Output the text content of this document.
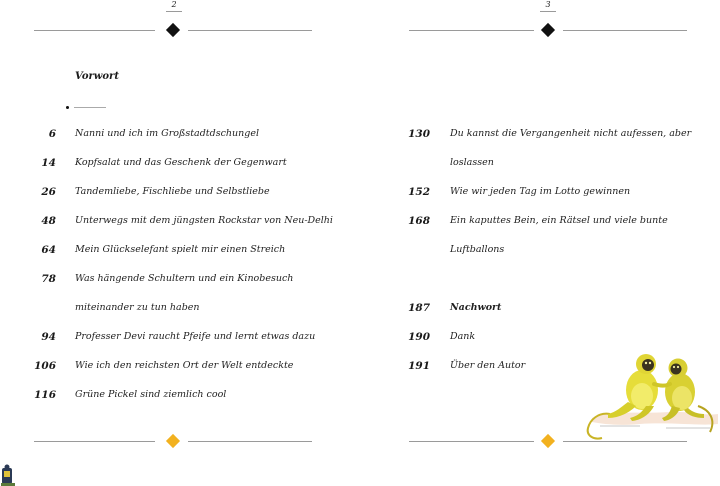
2
Vorwort
6 Nanni und ich im Großstadtdschungel
14 Kopfsalat und das Geschenk der Gegenwart
26 Tandemliebe, Fischliebe und Selbstliebe
48 Unterwegs mit dem jüngsten Rockstar von Neu-Delhi
64 Mein Glückselefant spielt mir einen Streich
78 Was hängende Schultern und ein Kinobesuch
miteinander zu tun haben
94 Professer Devi raucht Pfeife und lernt etwas dazu
106 Wie ich den reichsten Ort der Welt entdeckte
116 Grüne Pickel sind ziemlich cool
3
130 Du kannst die Vergangenheit nicht aufessen, aber
loslassen
152 Wie wir jeden Tag im Lotto gewinnen
168 Ein kaputtes Bein, ein Rätsel und viele bunte
Luftballons
187 Nachwort
190 Dank
191 Über den Autor
